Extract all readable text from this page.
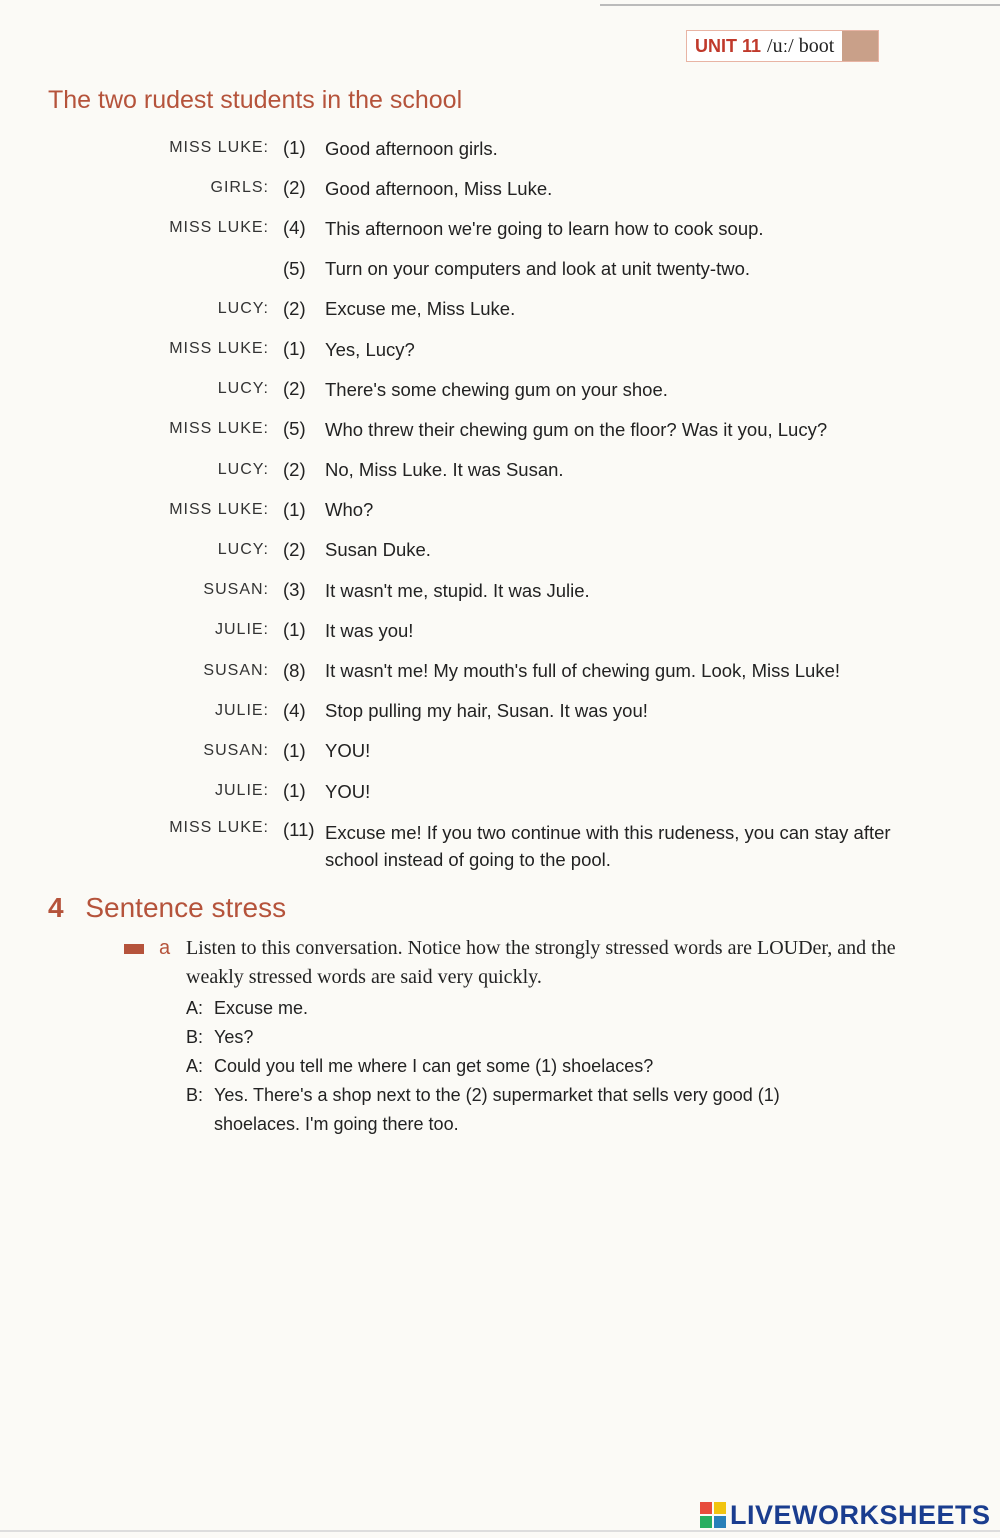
UNIT 11 /uː/ boot
The two rudest students in the school
MISS LUKE: (1)	Good afternoon girls.
GIRLS: (2)	Good afternoon, Miss Luke.
MISS LUKE: (4)	This afternoon we're going to learn how to cook soup.
(5)	Turn on your computers and look at unit twenty-two.
LUCY: (2)	Excuse me, Miss Luke.
MISS LUKE: (1)	Yes, Lucy?
LUCY: (2)	There's some chewing gum on your shoe.
MISS LUKE: (5)	Who threw their chewing gum on the floor? Was it you, Lucy?
LUCY: (2)	No, Miss Luke. It was Susan.
MISS LUKE: (1)	Who?
LUCY: (2)	Susan Duke.
SUSAN: (3)	It wasn't me, stupid. It was Julie.
JULIE: (1)	It was you!
SUSAN: (8)	It wasn't me! My mouth's full of chewing gum. Look, Miss Luke!
JULIE: (4)	Stop pulling my hair, Susan. It was you!
SUSAN: (1)	YOU!
JULIE: (1)	YOU!
MISS LUKE: (11) Excuse me! If you two continue with this rudeness, you can stay after school instead of going to the pool.
4 Sentence stress
a Listen to this conversation. Notice how the strongly stressed words are LOUDer, and the weakly stressed words are said very quickly.
A: Excuse me.
B: Yes?
A: Could you tell me where I can get some (1) shoelaces?
B: Yes. There's a shop next to the (2) supermarket that sells very good (1) shoelaces. I'm going there too.
LIVEWORKSHEETS
